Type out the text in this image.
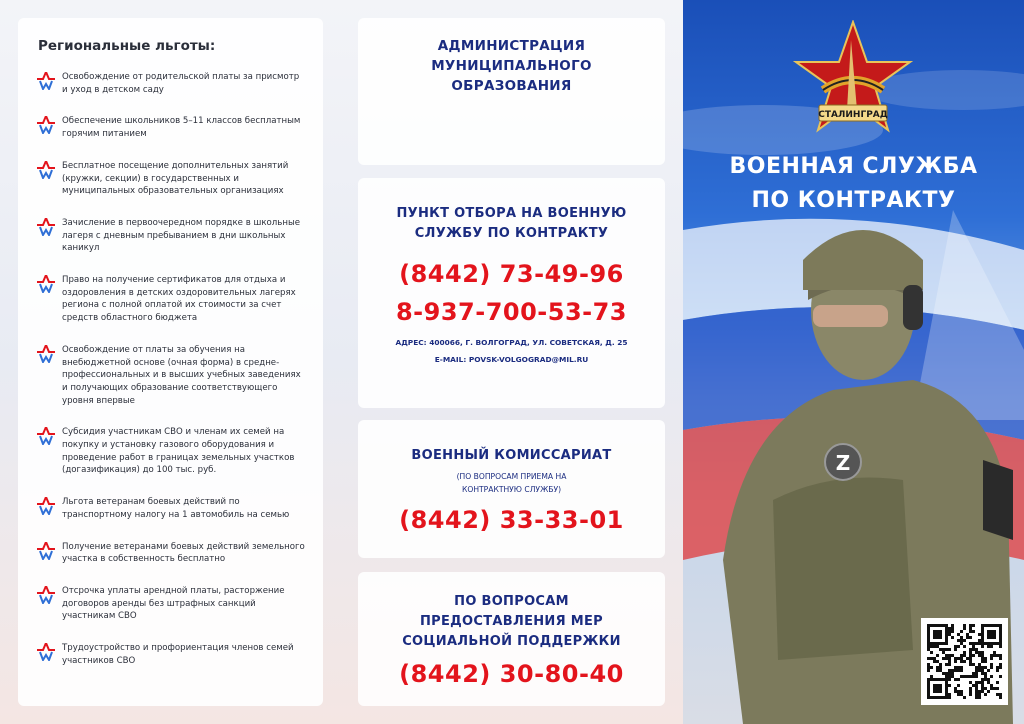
Региональные льготы:
Освобождение от родительской платы за присмотр и уход в детском саду
Обеспечение школьников 5–11 классов бесплатным горячим питанием
Бесплатное посещение дополнительных занятий (кружки, секции) в государственных и муниципальных образовательных организациях
Зачисление в первоочередном порядке в школьные лагеря с дневным пребыванием в дни школьных каникул
Право на получение сертификатов для отдыха и оздоровления в детских оздоровительных лагерях региона с полной оплатой их стоимости за счет средств областного бюджета
Освобождение от платы за обучения на внебюджетной основе (очная форма) в средне-профессиональных и в высших учебных заведениях и получающих образование соответствующего уровня впервые
Субсидия участникам СВО и членам их семей на покупку и установку газового оборудования и проведение работ в границах земельных участков (догазификация) до 100 тыс. руб.
Льгота ветеранам боевых действий по транспортному налогу на 1 автомобиль на семью
Получение ветеранами боевых действий земельного участка в собственность бесплатно
Отсрочка уплаты арендной платы, расторжение договоров аренды без штрафных санкций участникам СВО
Трудоустройство и профориентация членов семей участников СВО
АДМИНИСТРАЦИЯ МУНИЦИПАЛЬНОГО ОБРАЗОВАНИЯ
ПУНКТ ОТБОРА НА ВОЕННУЮ СЛУЖБУ ПО КОНТРАКТУ
(8442) 73-49-96
8-937-700-53-73
АДРЕС: 400066, Г. ВОЛГОГРАД, УЛ. СОВЕТСКАЯ, Д. 25
E-MAIL: POVSK-VOLGOGRAD@MIL.RU
ВОЕННЫЙ КОМИССАРИАТ
(ПО ВОПРОСАМ ПРИЕМА НА КОНТРАКТНУЮ СЛУЖБУ)
(8442) 33-33-01
ПО ВОПРОСАМ ПРЕДОСТАВЛЕНИЯ МЕР СОЦИАЛЬНОЙ ПОДДЕРЖКИ
(8442) 30-80-40
Z
СТАЛИНГРАД
ВОЕННАЯ СЛУЖБА ПО КОНТРАКТУ
